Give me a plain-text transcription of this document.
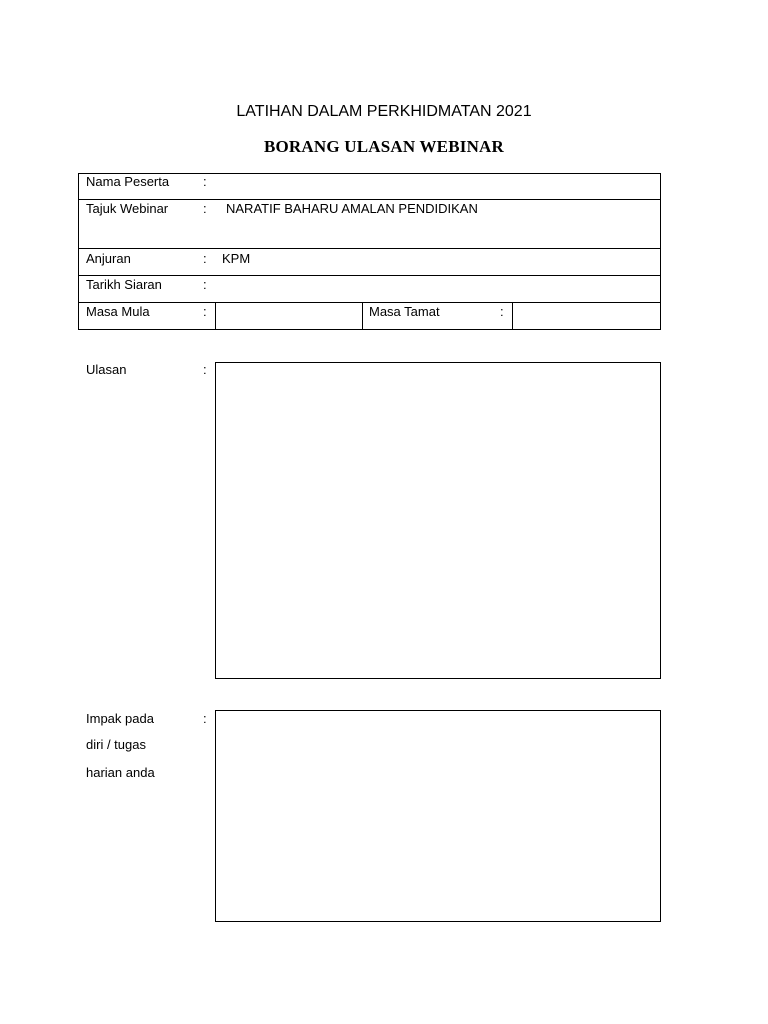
LATIHAN DALAM PERKHIDMATAN 2021
BORANG ULASAN WEBINAR
Nama Peserta	:
Tajuk Webinar	: NARATIF BAHARU AMALAN PENDIDIKAN
Anjuran	: KPM
Tarikh Siaran	:
Masa Mula	:	Masa Tamat	:
Ulasan	:
Impak pada
diri / tugas
harian anda
:
